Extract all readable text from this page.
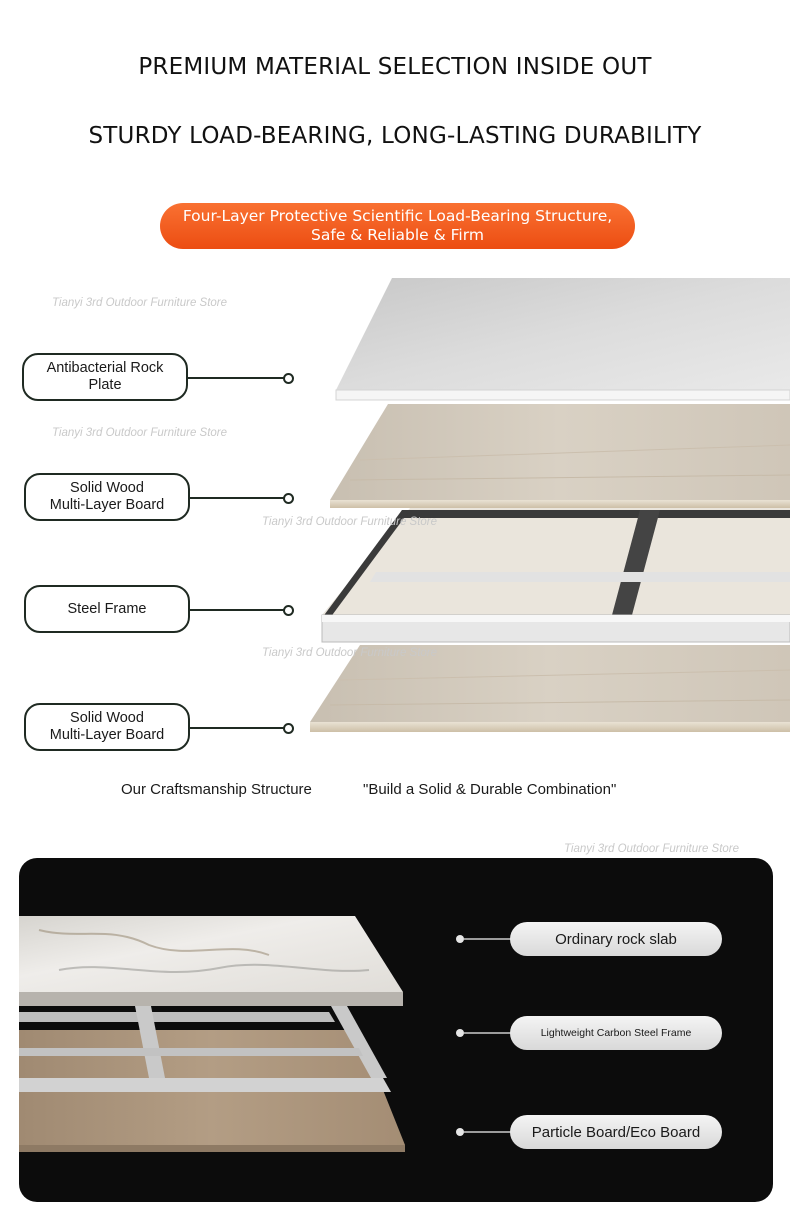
PREMIUM MATERIAL SELECTION INSIDE OUT
STURDY LOAD-BEARING, LONG-LASTING DURABILITY
Four-Layer Protective Scientific Load-Bearing Structure,
Safe & Reliable & Firm
Tianyi 3rd Outdoor Furniture Store
Tianyi 3rd Outdoor Furniture Store
Tianyi 3rd Outdoor Furniture Store
Tianyi 3rd Outdoor Furniture Store
Antibacterial Rock
Plate
Solid Wood
Multi-Layer Board
Steel Frame
Solid Wood
Multi-Layer Board
Our Craftsmanship Structure	"Build a Solid & Durable Combination"
Tianyi 3rd Outdoor Furniture Store
Ordinary rock slab
Lightweight Carbon Steel Frame
Particle Board/Eco Board
